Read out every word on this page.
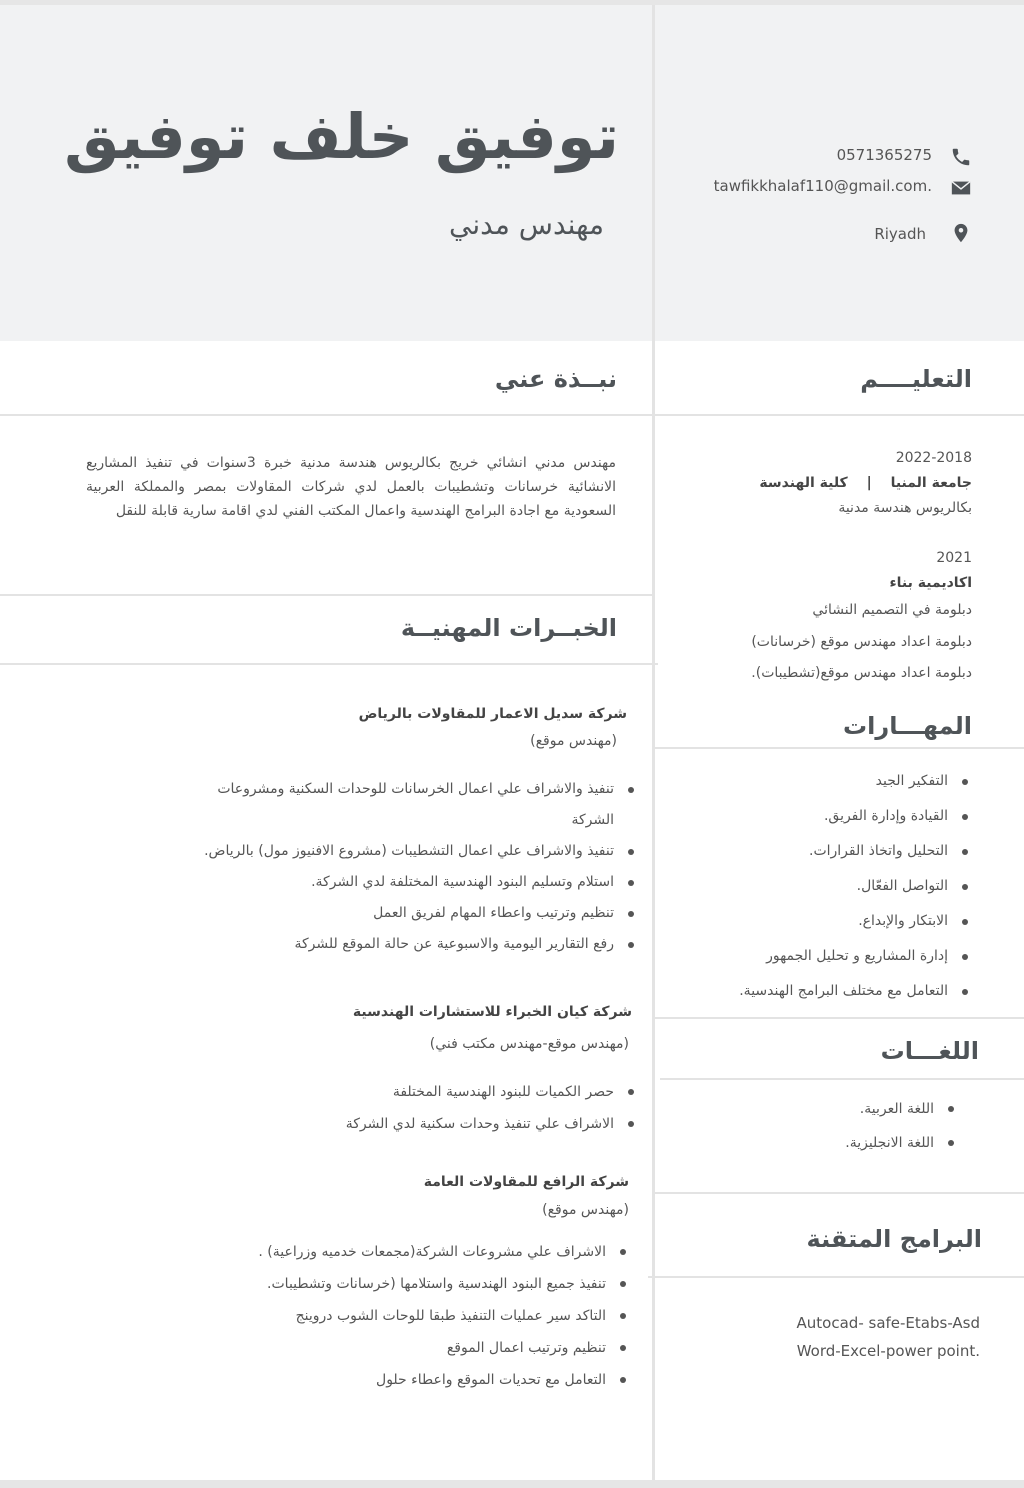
توفيق خلف توفيق
مهندس مدني
0571365275
tawfikkhalaf110@gmail.com.
Riyadh
نبــذة عني
مهندس مدني انشائي خريج بكالريوس هندسة مدنية خبرة 3سنوات في تنفيذ المشاريع الانشائية خرسانات وتشطيبات بالعمل لدي شركات المقاولات بمصر والمملكة العربية السعودية مع اجادة البرامج الهندسية واعمال المكتب الفني لدي اقامة سارية قابلة للنقل
الخبــرات المهنيــة
شركة سديل الاعمار للمقاولات بالرياض
(مهندس موقع)
تنفيذ والاشراف علي اعمال الخرسانات للوحدات السكنية ومشروعات
الشركة
تنفيذ والاشراف علي اعمال التشطيبات (مشروع الافنيوز مول) بالرياض.
استلام وتسليم البنود الهندسية المختلفة لدي الشركة.
تنظيم وترتيب واعطاء المهام لفريق العمل
رفع التقارير اليومية والاسبوعية عن حالة الموقع للشركة
شركة كيان الخبراء للاستشارات الهندسية
(مهندس موقع-مهندس مكتب فني)
حصر الكميات للبنود الهندسية المختلفة
الاشراف علي تنفيذ وحدات سكنية لدي الشركة
شركة الرافع للمقاولات العامة
(مهندس موقع)
الاشراف علي مشروعات الشركة(مجمعات خدميه وزراعية) .
تنفيذ جميع البنود الهندسية واستلامها (خرسانات وتشطيبات.
التاكد سير عمليات التنفيذ طبقا للوحات الشوب دروينج
تنظيم وترتيب اعمال الموقع
التعامل مع تحديات الموقع واعطاء حلول
التعليــــم
2022-2018
جامعة المنيا | كلية الهندسة
بكالريوس هندسة مدنية
2021
اكاديمية بناء
دبلومة في التصميم النشائي
دبلومة اعداد مهندس موقع (خرسانات)
دبلومة اعداد مهندس موقع(تشطيبات).
المهـــارات
التفكير الجيد
القيادة وإدارة الفريق.
التحليل واتخاذ القرارات.
التواصل الفعّال.
الابتكار والإبداع.
إدارة المشاريع و تحليل الجمهور
التعامل مع مختلف البرامج الهندسية.
اللغـــات
اللغة العربية.
اللغة الانجليزية.
البرامج المتقنة
Autocad- safe-Etabs-Asd
Word-Excel-power point.
